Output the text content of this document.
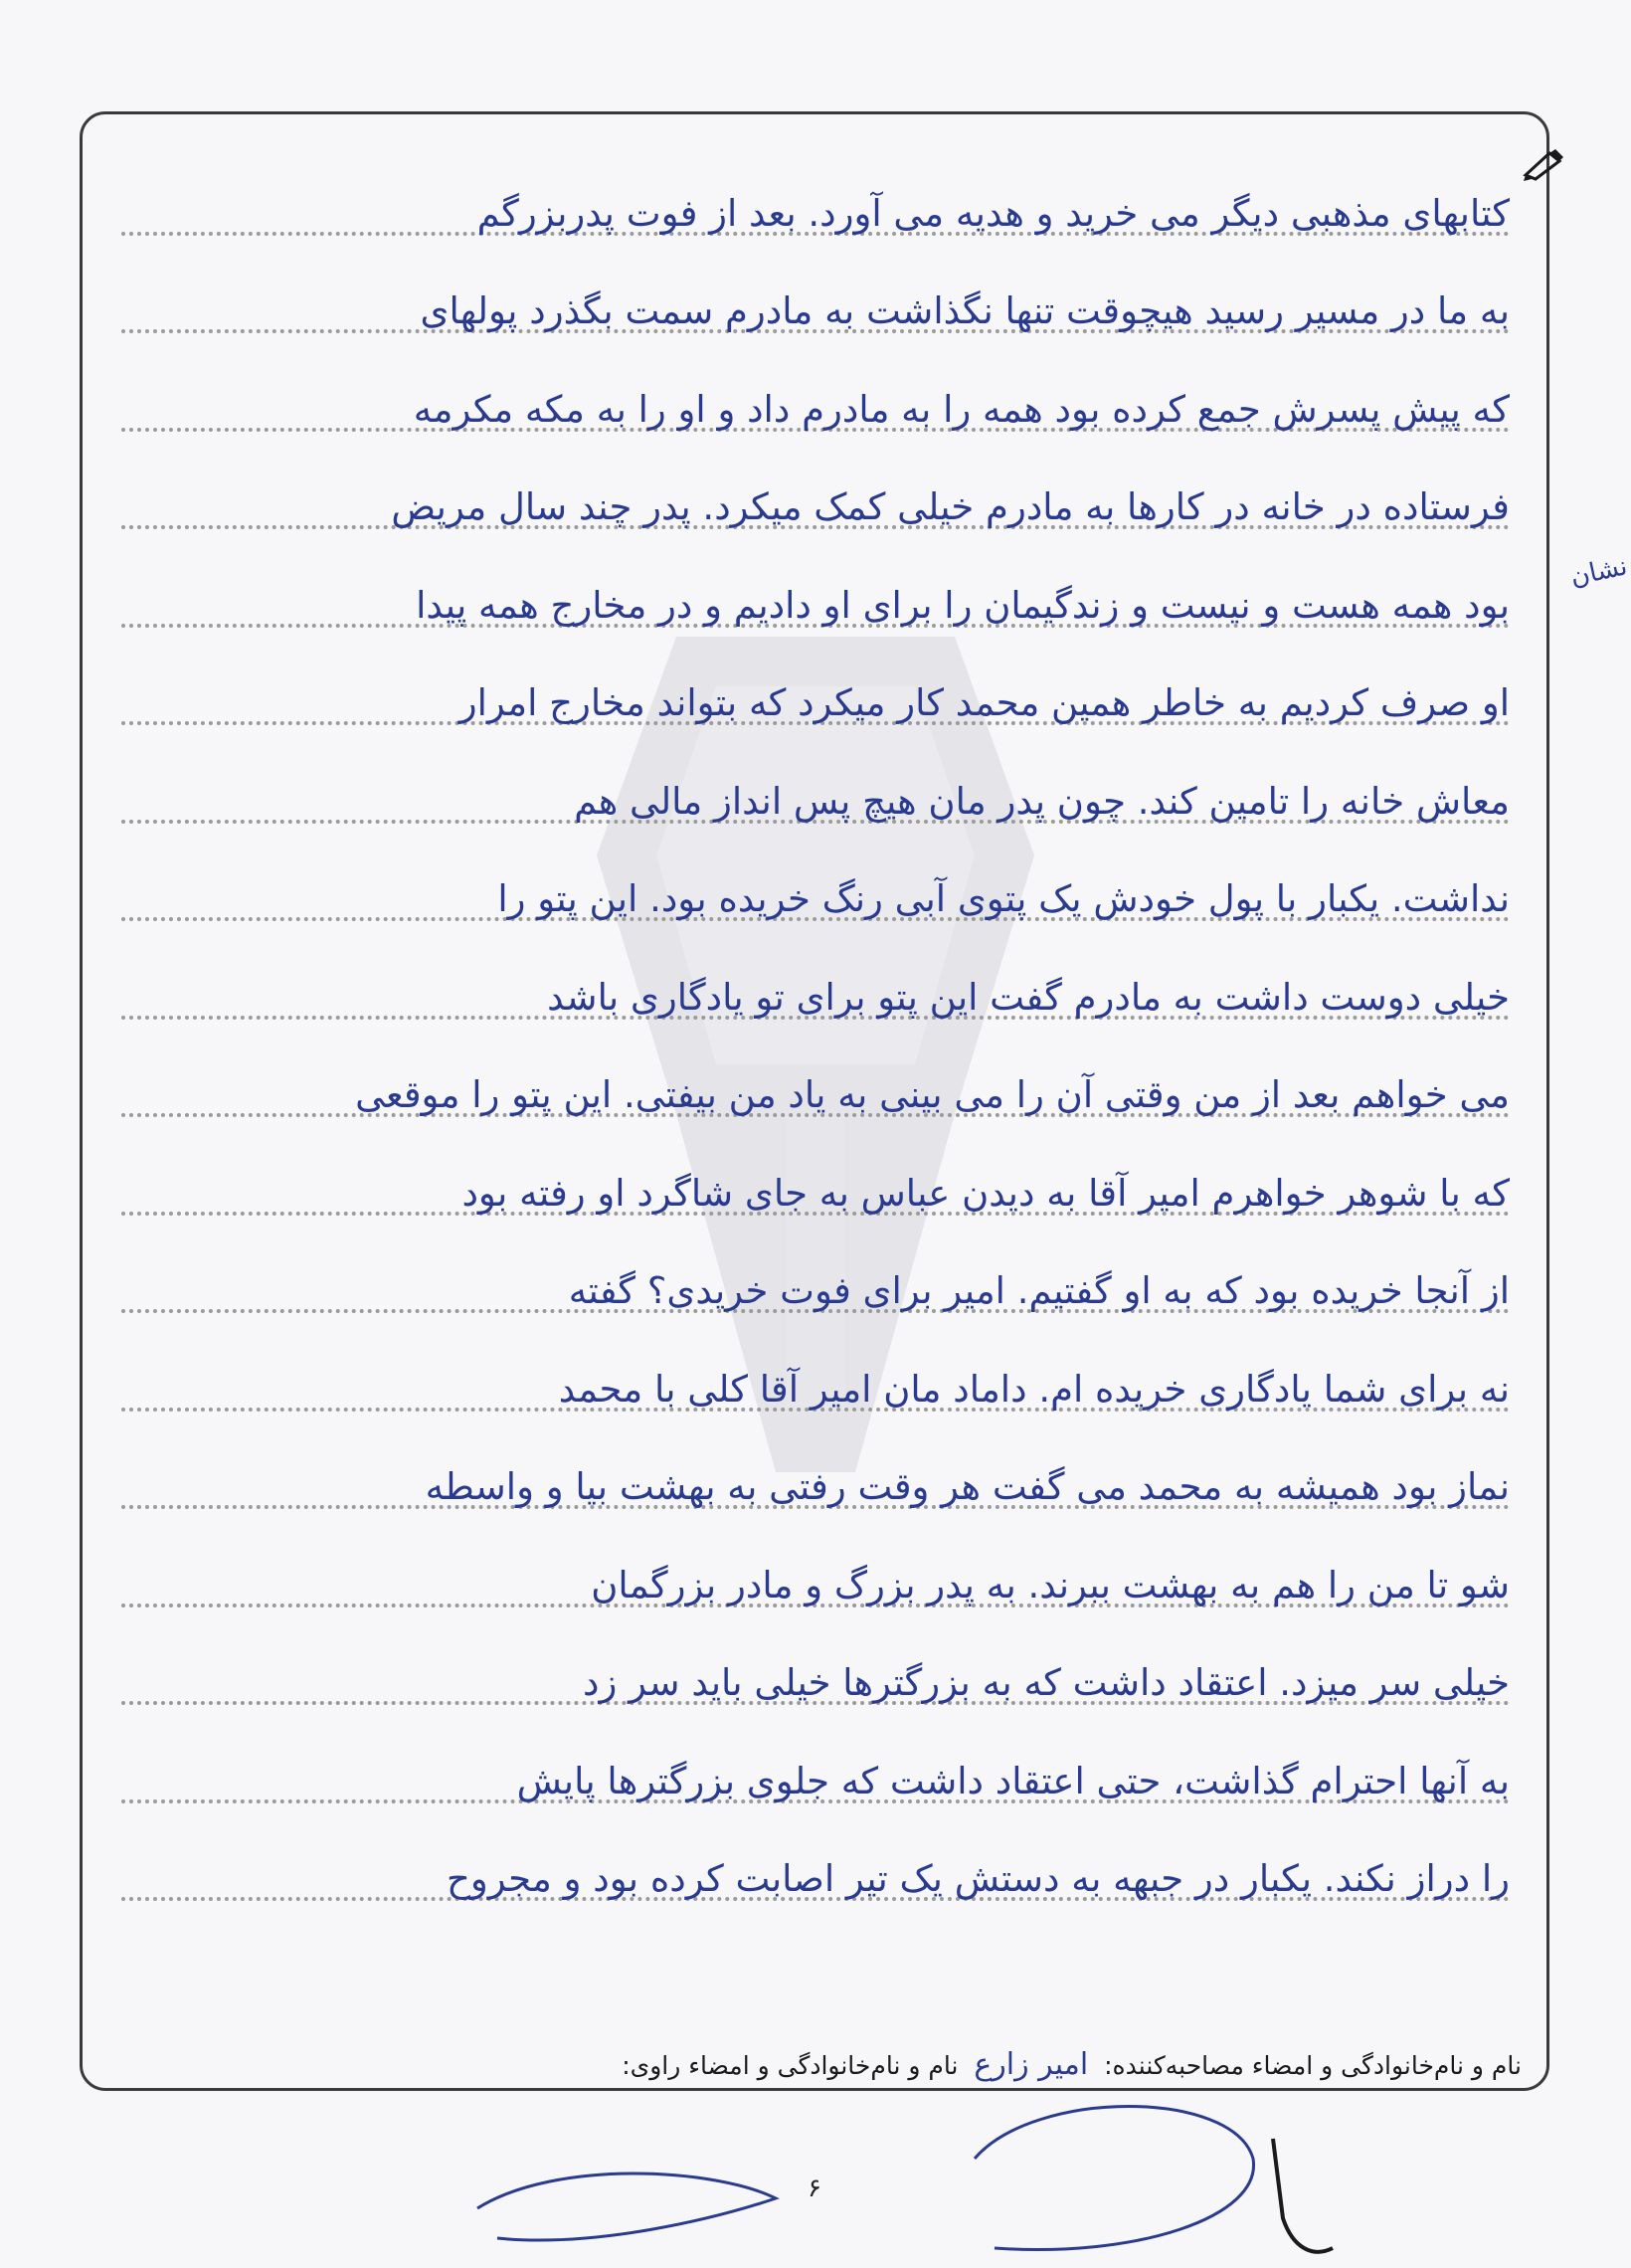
کتابهای مذهبی دیگر می خرید و هدیه می آورد. بعد از فوت پدربزرگم
به ما در مسیر رسید هیچوقت تنها نگذاشت به مادرم سمت بگذرد پولهای
که پیش پسرش جمع کرده بود همه را به مادرم داد و او را به مکه مکرمه
فرستاده در خانه در کارها به مادرم خیلی کمک میکرد. پدر چند سال مریض
بود همه هست و نیست و زندگیمان را برای او دادیم و در مخارج همه پیدا
او صرف کردیم به خاطر همین محمد کار میکرد که بتواند مخارج امرار
معاش خانه را تامین کند. چون پدر مان هیچ پس انداز مالی هم
نداشت. یکبار با پول خودش یک پتوی آبی رنگ خریده بود. این پتو را
خیلی دوست داشت به مادرم گفت این پتو برای تو یادگاری باشد
می خواهم بعد از من وقتی آن را می بینی به یاد من بیفتی. این پتو را موقعی
که با شوهر خواهرم امیر آقا به دیدن عباس به جای شاگرد او رفته بود
از آنجا خریده بود که به او گفتیم. امیر برای فوت خریدی؟ گفته
نه برای شما یادگاری خریده ام. داماد مان امیر آقا کلی با محمد
نماز بود همیشه به محمد می گفت هر وقت رفتی به بهشت بیا و واسطه
شو تا من را هم به بهشت ببرند. به پدر بزرگ و مادر بزرگمان
خیلی سر میزد. اعتقاد داشت که به بزرگترها خیلی باید سر زد
به آنها احترام گذاشت، حتی اعتقاد داشت که جلوی بزرگترها پایش
را دراز نکند. یکبار در جبهه به دستش یک تیر اصابت کرده بود و مجروح
نشان
نام و نام‌خانوادگی و امضاء مصاحبه‌کننده: امیر زارع نام و نام‌خانوادگی و امضاء راوی:
۶
